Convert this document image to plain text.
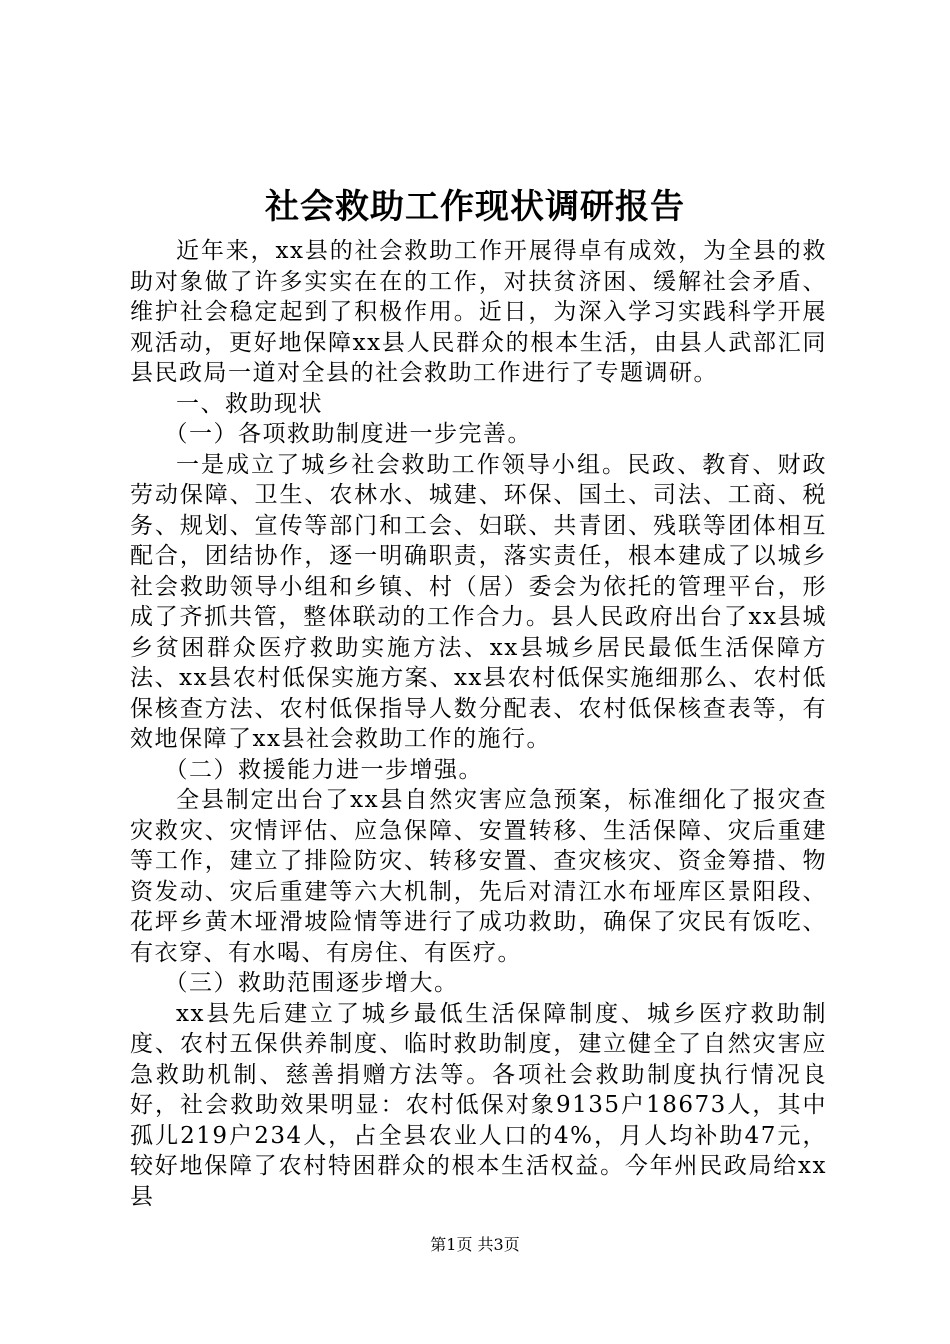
社会救助工作现状调研报告

近年来，xx县的社会救助工作开展得卓有成效，为全县的救助对象做了许多实实在在的工作，对扶贫济困、缓解社会矛盾、维护社会稳定起到了积极作用。近日，为深入学习实践科学开展观活动，更好地保障xx县人民群众的根本生活，由县人武部汇同县民政局一道对全县的社会救助工作进行了专题调研。

一、救助现状

（一）各项救助制度进一步完善。

一是成立了城乡社会救助工作领导小组。民政、教育、财政劳动保障、卫生、农林水、城建、环保、国土、司法、工商、税务、规划、宣传等部门和工会、妇联、共青团、残联等团体相互配合，团结协作，逐一明确职责，落实责任，根本建成了以城乡社会救助领导小组和乡镇、村（居）委会为依托的管理平台，形成了齐抓共管，整体联动的工作合力。县人民政府出台了xx县城乡贫困群众医疗救助实施方法、xx县城乡居民最低生活保障方法、xx县农村低保实施方案、xx县农村低保实施细那么、农村低保核查方法、农村低保指导人数分配表、农村低保核查表等，有效地保障了xx县社会救助工作的施行。

（二）救援能力进一步增强。

全县制定出台了xx县自然灾害应急预案，标准细化了报灾查灾救灾、灾情评估、应急保障、安置转移、生活保障、灾后重建等工作，建立了排险防灾、转移安置、查灾核灾、资金筹措、物资发动、灾后重建等六大机制，先后对清江水布垭库区景阳段、花坪乡黄木垭滑坡险情等进行了成功救助，确保了灾民有饭吃、有衣穿、有水喝、有房住、有医疗。

（三）救助范围逐步增大。

xx县先后建立了城乡最低生活保障制度、城乡医疗救助制度、农村五保供养制度、临时救助制度，建立健全了自然灾害应急救助机制、慈善捐赠方法等。各项社会救助制度执行情况良好，社会救助效果明显：农村低保对象9135户18673人，其中孤儿219户234人，占全县农业人口的4%，月人均补助47元，较好地保障了农村特困群众的根本生活权益。今年州民政局给xx县

第1页 共3页
